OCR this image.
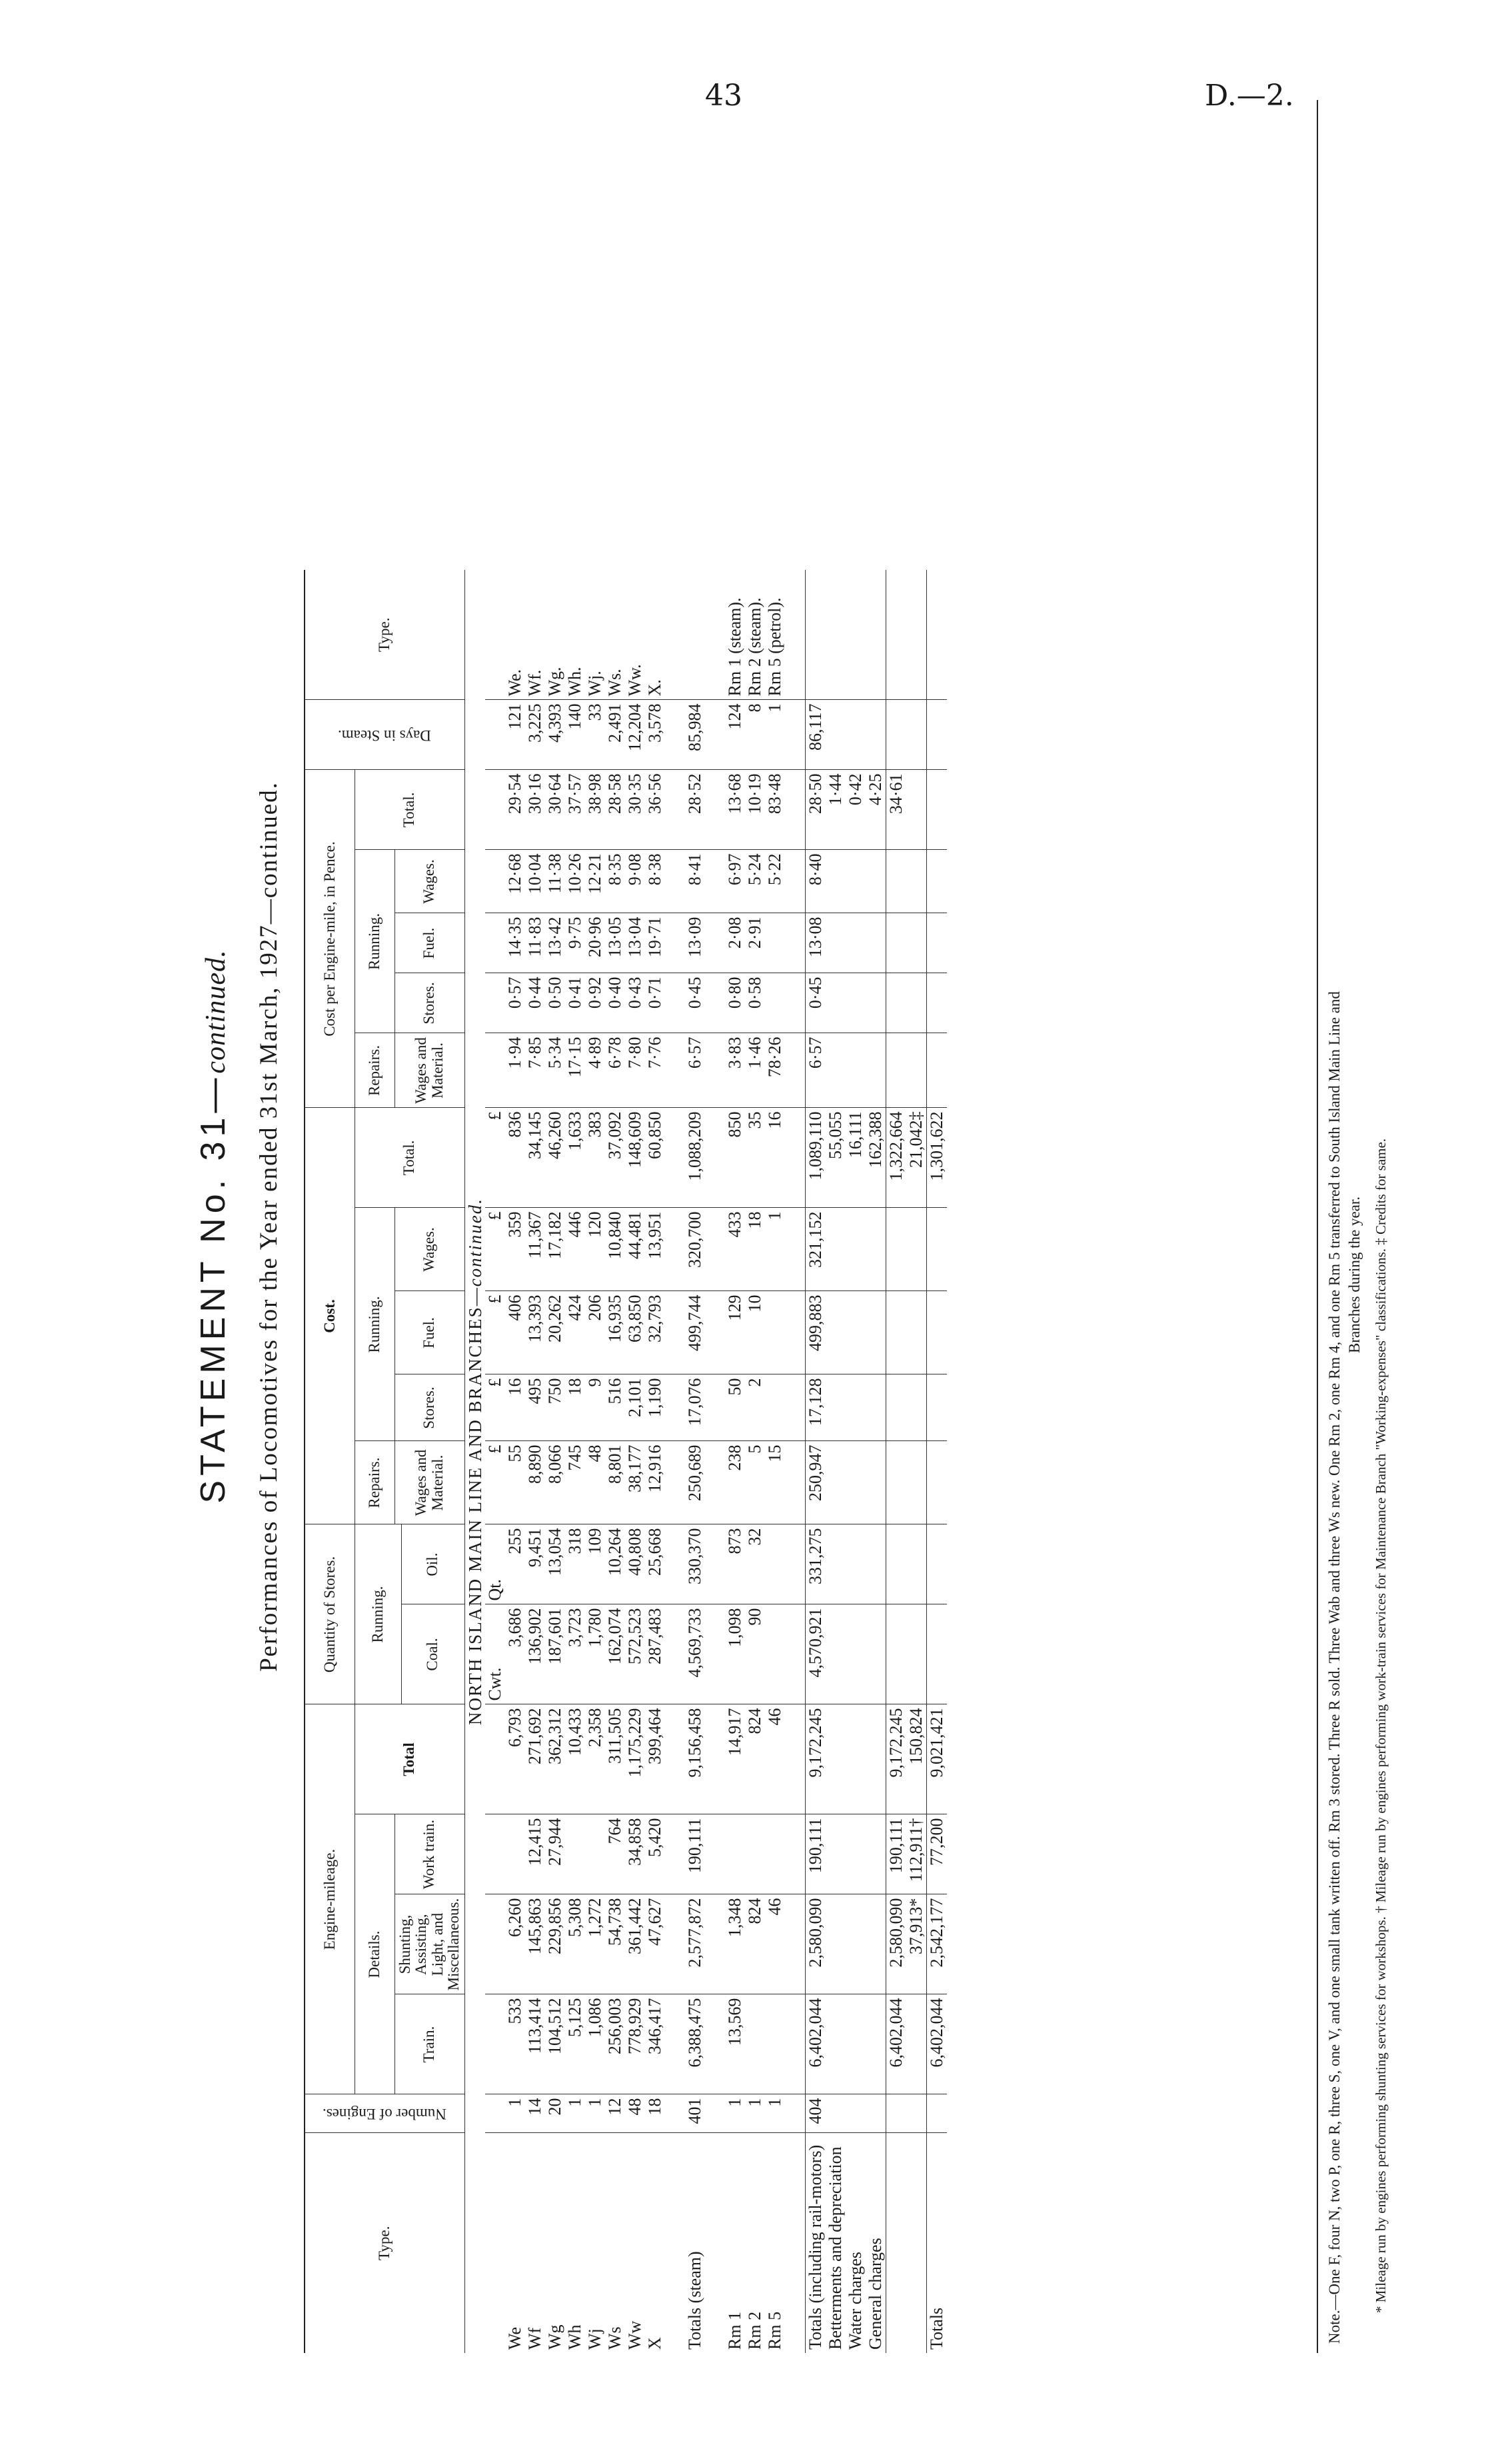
43	D.—2.
STATEMENT No. 31—continued. Performances of Locomotives for the Year ended 31st March, 1927—continued.
Type.	Number of Engines.	Engine-mileage.				Quantity of Stores.		Cost.					Cost per Engine-mile, in Pence.					Days in Steam.	Type.
		Details.			Total	Running.		Repairs.	Running.			Total.	Repairs.	Running.			Total.		
		Train.	Shunting, Assisting, Light, and Miscellaneous.	Work train.				Wages and Material.	Stores.	Fuel.	Wages.		Wages and Material.	Stores.	Fuel.	Wages.			
						Coal.	Oil.												
NORTH ISLAND MAIN LINE AND BRANCHES—continued.																			
						Cwt.	Qt.	£	£	£	£	£							
We	1	533	6,260		6,793	3,686	255	55	16	406	359	836	1·94	0·57	14·35	12·68	29·54	121	We.
Wf	14	113,414	145,863	12,415	271,692	136,902	9,451	8,890	495	13,393	11,367	34,145	7·85	0·44	11·83	10·04	30·16	3,225	Wf.
Wg	20	104,512	229,856	27,944	362,312	187,601	13,054	8,066	750	20,262	17,182	46,260	5·34	0·50	13·42	11·38	30·64	4,393	Wg.
Wh	1	5,125	5,308		10,433	3,723	318	745	18	424	446	1,633	17·15	0·41	9·75	10·26	37·57	140	Wh.
Wj	1	1,086	1,272		2,358	1,780	109	48	9	206	120	383	4·89	0·92	20·96	12·21	38·98	33	Wj.
Ws	12	256,003	54,738	764	311,505	162,074	10,264	8,801	516	16,935	10,840	37,092	6·78	0·40	13·05	8·35	28·58	2,491	Ws.
Ww	48	778,929	361,442	34,858	1,175,229	572,523	40,808	38,177	2,101	63,850	44,481	148,609	7·80	0·43	13·04	9·08	30·35	12,204	Ww.
X	18	346,417	47,627	5,420	399,464	287,483	25,668	12,916	1,190	32,793	13,951	60,850	7·76	0·71	19·71	8·38	36·56	3,578	X.

Totals (steam)	401	6,388,475	2,577,872	190,111	9,156,458	4,569,733	330,370	250,689	17,076	499,744	320,700	1,088,209	6·57	0·45	13·09	8·41	28·52	85,984	

Rm 1	1	13,569	1,348		14,917	1,098	873	238	50	129	433	850	3·83	0·80	2·08	6·97	13·68	124	Rm 1 (steam).
Rm 2	1		824		824	90	32	5	2	10	18	35	1·46	0·58	2·91	5·24	10·19	8	Rm 2 (steam).
Rm 5	1		46		46			15			1	16	78·26			5·22	83·48	1	Rm 5 (petrol).

Totals (including rail-motors)	404	6,402,044	2,580,090	190,111	9,172,245	4,570,921	331,275	250,947	17,128	499,883	321,152	1,089,110	6·57	0·45	13·08	8·40	28·50	86,117	
Betterments and depreciation												55,055					1·44		
Water charges												16,111					0·42		
General charges												162,388					4·25		
		6,402,044	2,580,090	190,111	9,172,245							1,322,664					34·61		
			37,913*	112,911†	150,824							21,042‡							
Totals		6,402,044	2,542,177	77,200	9,021,421							1,301,622								Note.—One F, four N, two P, one R, three S, one V, and one small tank written off. Rm 3 stored. Three R sold. Three Wab and three Ws new. One Rm 2, one Rm 4, and one Rm 5 transferred to South Island Main Line and Branches during the year. * Mileage run by engines performing shunting services for workshops. † Mileage run by engines performing work-train services for Maintenance Branch "Working-expenses" classifications. ‡ Credits for same.
